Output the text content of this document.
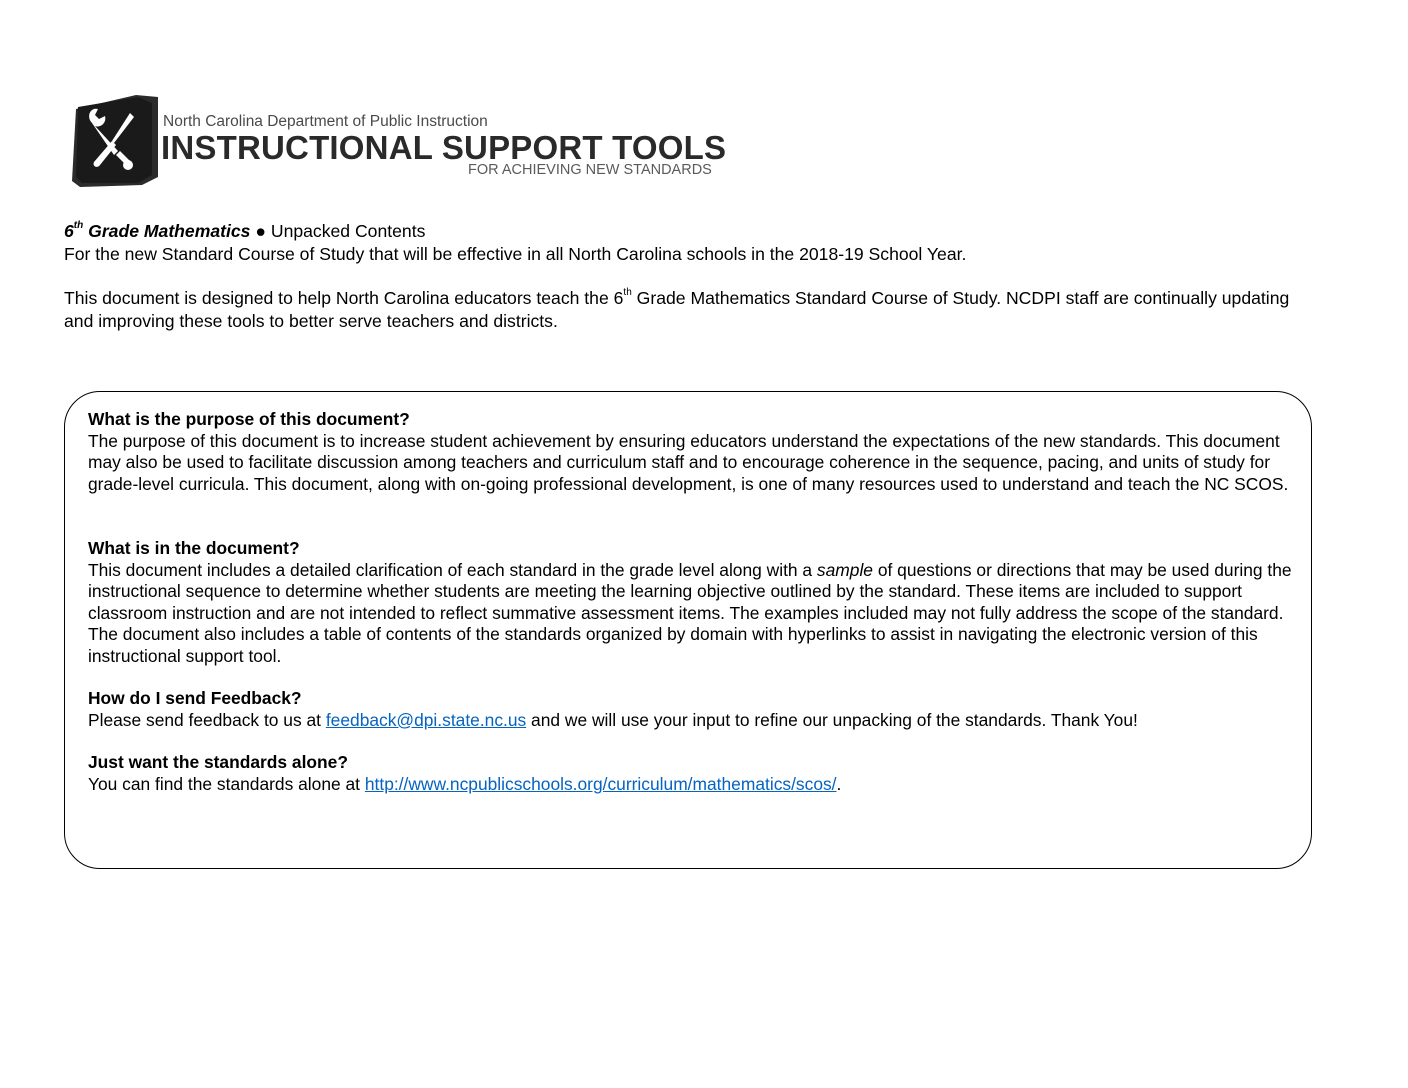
North Carolina Department of Public Instruction
INSTRUCTIONAL SUPPORT TOOLS
FOR ACHIEVING NEW STANDARDS
6th Grade Mathematics ● Unpacked Contents
For the new Standard Course of Study that will be effective in all North Carolina schools in the 2018-19 School Year.
This document is designed to help North Carolina educators teach the 6th Grade Mathematics Standard Course of Study. NCDPI staff are continually updating and improving these tools to better serve teachers and districts.
What is the purpose of this document?
The purpose of this document is to increase student achievement by ensuring educators understand the expectations of the new standards. This document may also be used to facilitate discussion among teachers and curriculum staff and to encourage coherence in the sequence, pacing, and units of study for grade-level curricula. This document, along with on-going professional development, is one of many resources used to understand and teach the NC SCOS.
What is in the document?
This document includes a detailed clarification of each standard in the grade level along with a sample of questions or directions that may be used during the instructional sequence to determine whether students are meeting the learning objective outlined by the standard. These items are included to support classroom instruction and are not intended to reflect summative assessment items. The examples included may not fully address the scope of the standard. The document also includes a table of contents of the standards organized by domain with hyperlinks to assist in navigating the electronic version of this instructional support tool.
How do I send Feedback?
Please send feedback to us at feedback@dpi.state.nc.us and we will use your input to refine our unpacking of the standards. Thank You!
Just want the standards alone?
You can find the standards alone at http://www.ncpublicschools.org/curriculum/mathematics/scos/.
